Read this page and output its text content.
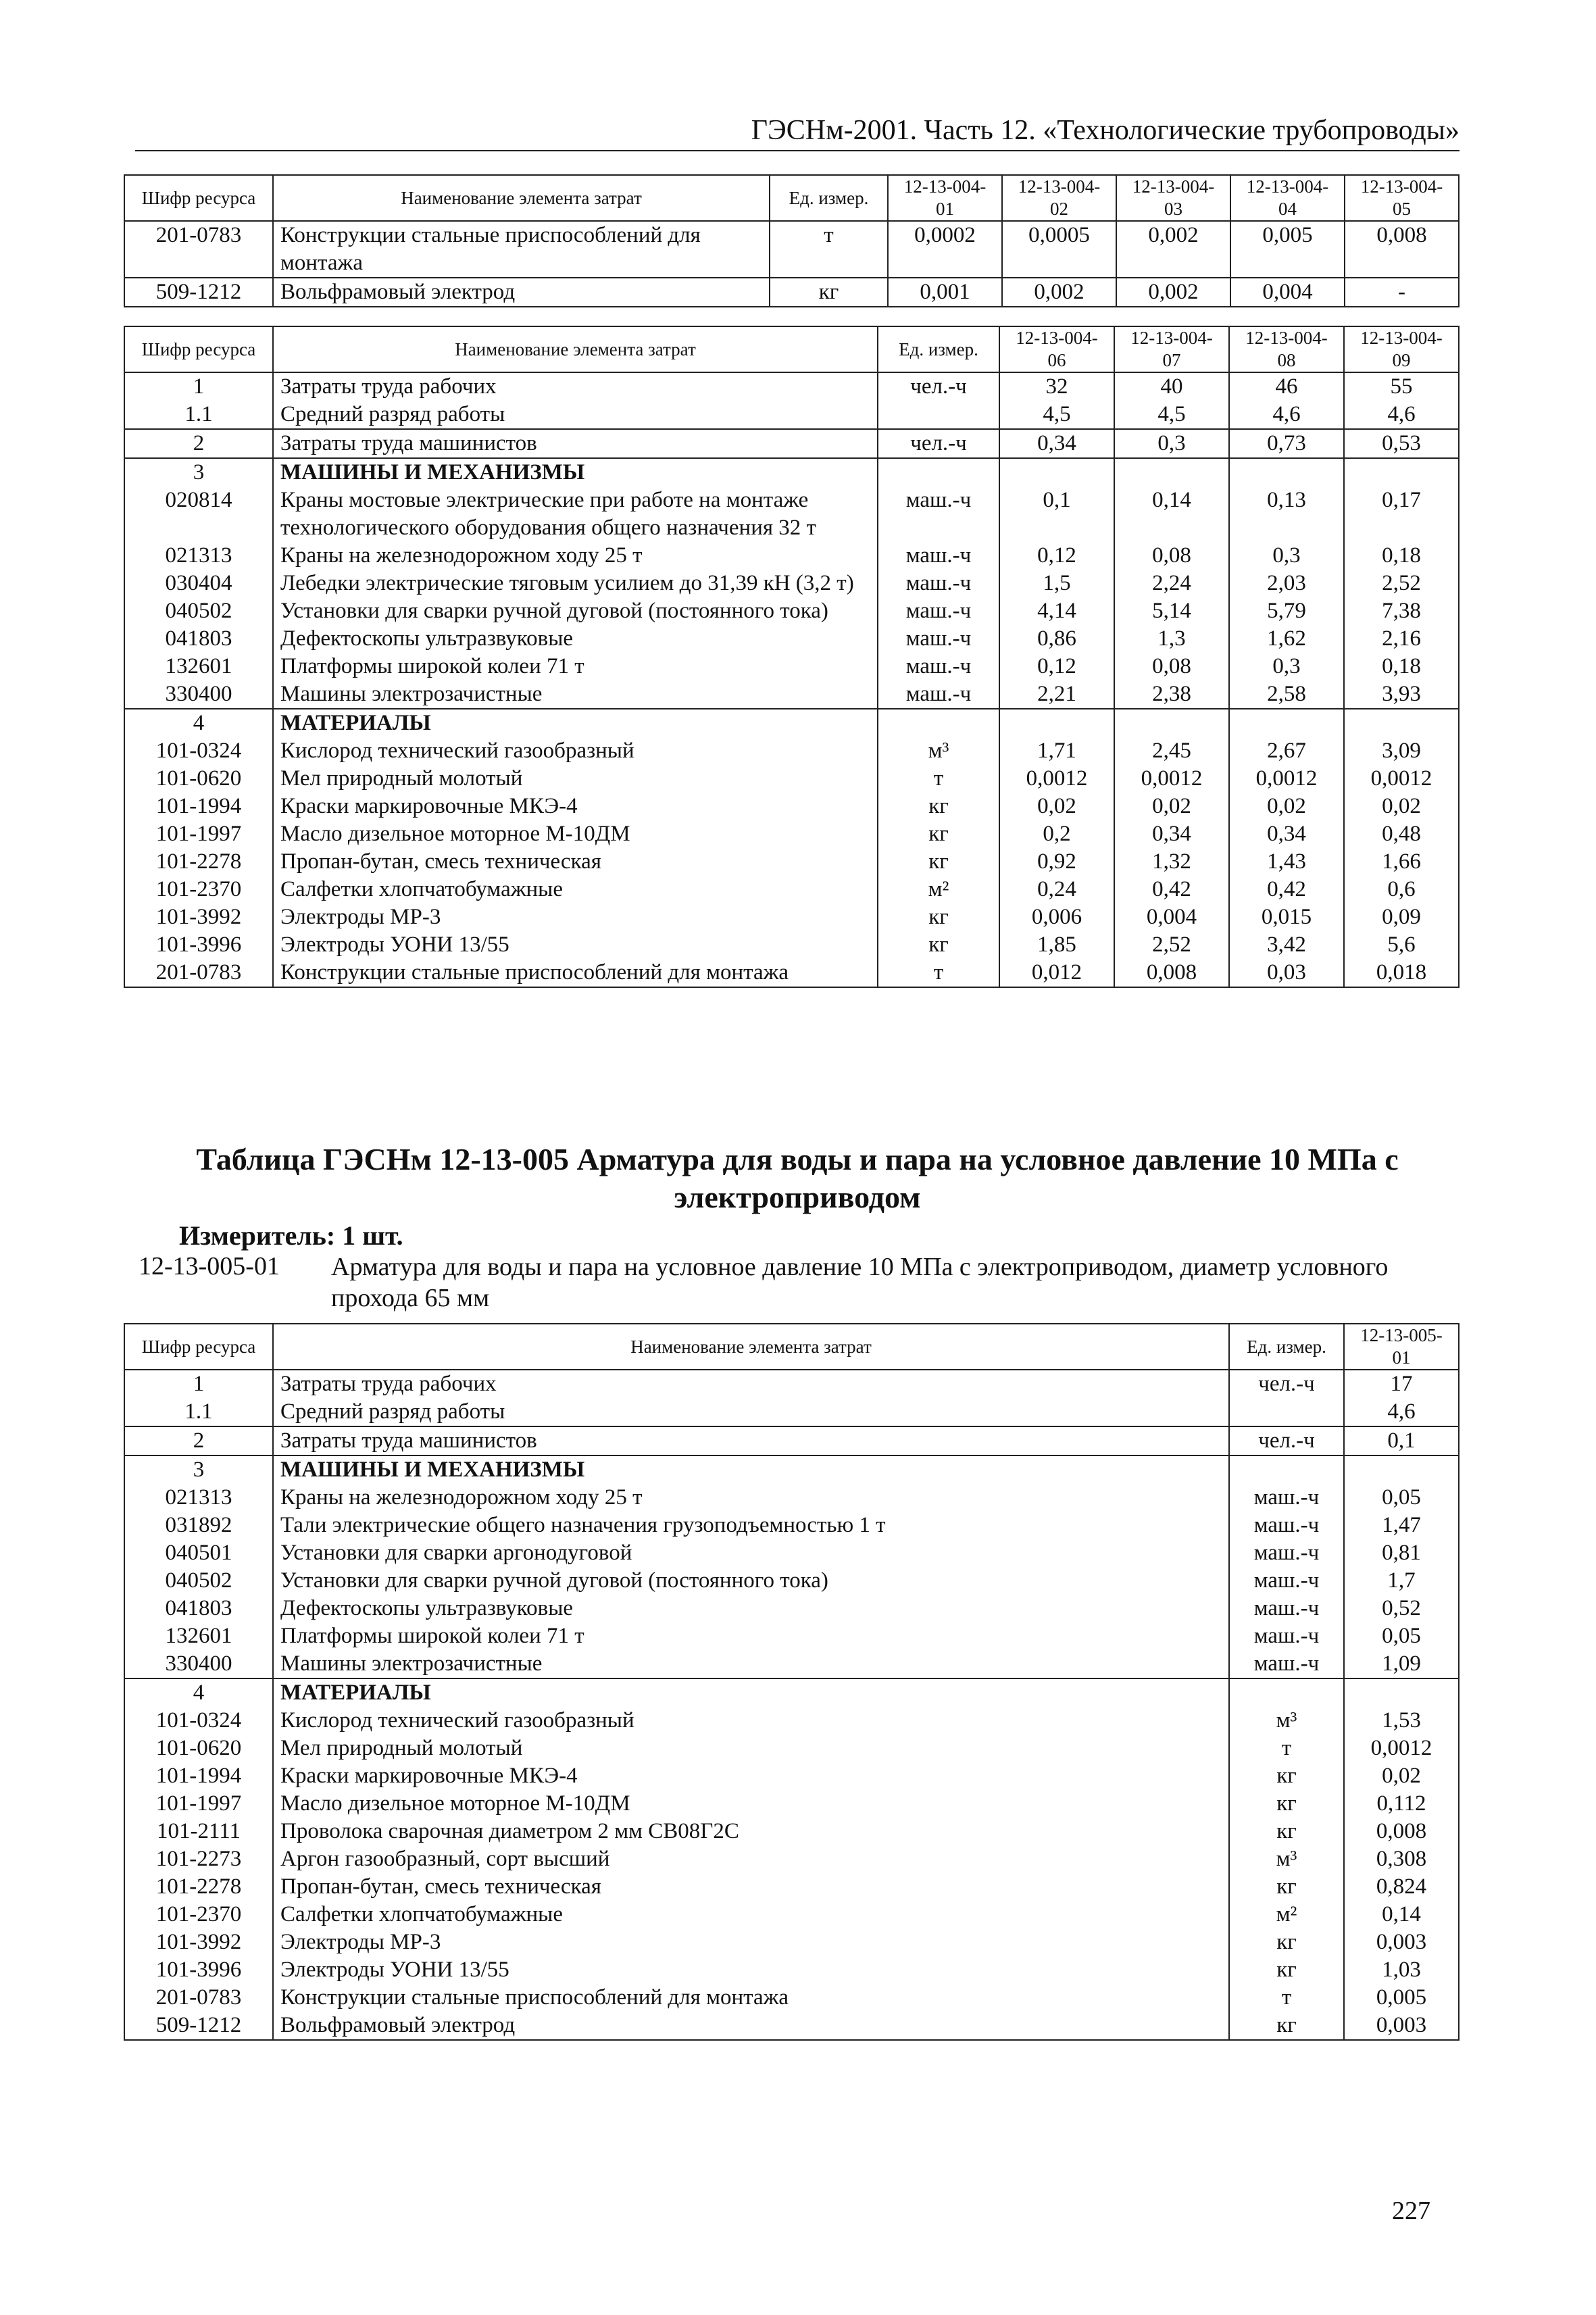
ГЭСНм-2001. Часть 12. «Технологические трубопроводы»
Шифр ресурса	Наименование элемента затрат	Ед. измер.	12-13-004-01	12-13-004-02	12-13-004-03	12-13-004-04	12-13-004-05
201-0783	Конструкции стальные приспособлений для монтажа	т	0,0002	0,0005	0,002	0,005	0,008
509-1212	Вольфрамовый электрод	кг	0,001	0,002	0,002	0,004	-
Шифр ресурса	Наименование элемента затрат	Ед. измер.	12-13-004-06	12-13-004-07	12-13-004-08	12-13-004-09
1	Затраты труда рабочих	чел.-ч	32	40	46	55
1.1	Средний разряд работы		4,5	4,5	4,6	4,6
2	Затраты труда машинистов	чел.-ч	0,34	0,3	0,73	0,53
3	МАШИНЫ И МЕХАНИЗМЫ					
020814	Краны мостовые электрические при работе на монтаже технологического оборудования общего назначения 32 т	маш.-ч	0,1	0,14	0,13	0,17
021313	Краны на железнодорожном ходу 25 т	маш.-ч	0,12	0,08	0,3	0,18
030404	Лебедки электрические тяговым усилием до 31,39 кН (3,2 т)	маш.-ч	1,5	2,24	2,03	2,52
040502	Установки для сварки ручной дуговой (постоянного тока)	маш.-ч	4,14	5,14	5,79	7,38
041803	Дефектоскопы ультразвуковые	маш.-ч	0,86	1,3	1,62	2,16
132601	Платформы широкой колеи 71 т	маш.-ч	0,12	0,08	0,3	0,18
330400	Машины электрозачистные	маш.-ч	2,21	2,38	2,58	3,93
4	МАТЕРИАЛЫ					
101-0324	Кислород технический газообразный	м³	1,71	2,45	2,67	3,09
101-0620	Мел природный молотый	т	0,0012	0,0012	0,0012	0,0012
101-1994	Краски маркировочные МКЭ-4	кг	0,02	0,02	0,02	0,02
101-1997	Масло дизельное моторное М-10ДМ	кг	0,2	0,34	0,34	0,48
101-2278	Пропан-бутан, смесь техническая	кг	0,92	1,32	1,43	1,66
101-2370	Салфетки хлопчатобумажные	м²	0,24	0,42	0,42	0,6
101-3992	Электроды МР-3	кг	0,006	0,004	0,015	0,09
101-3996	Электроды УОНИ 13/55	кг	1,85	2,52	3,42	5,6
201-0783	Конструкции стальные приспособлений для монтажа	т	0,012	0,008	0,03	0,018
Таблица ГЭСНм 12-13-005 Арматура для воды и пара на условное давление 10 МПа с электроприводом
Измеритель: 1 шт.
12-13-005-01 Арматура для воды и пара на условное давление 10 МПа с электроприводом, диаметр условного прохода 65 мм
Шифр ресурса	Наименование элемента затрат	Ед. измер.	12-13-005-01
1	Затраты труда рабочих	чел.-ч	17
1.1	Средний разряд работы		4,6
2	Затраты труда машинистов	чел.-ч	0,1
3	МАШИНЫ И МЕХАНИЗМЫ		
021313	Краны на железнодорожном ходу 25 т	маш.-ч	0,05
031892	Тали электрические общего назначения грузоподъемностью 1 т	маш.-ч	1,47
040501	Установки для сварки аргонодуговой	маш.-ч	0,81
040502	Установки для сварки ручной дуговой (постоянного тока)	маш.-ч	1,7
041803	Дефектоскопы ультразвуковые	маш.-ч	0,52
132601	Платформы широкой колеи 71 т	маш.-ч	0,05
330400	Машины электрозачистные	маш.-ч	1,09
4	МАТЕРИАЛЫ		
101-0324	Кислород технический газообразный	м³	1,53
101-0620	Мел природный молотый	т	0,0012
101-1994	Краски маркировочные МКЭ-4	кг	0,02
101-1997	Масло дизельное моторное М-10ДМ	кг	0,112
101-2111	Проволока сварочная диаметром 2 мм СВ08Г2С	кг	0,008
101-2273	Аргон газообразный, сорт высший	м³	0,308
101-2278	Пропан-бутан, смесь техническая	кг	0,824
101-2370	Салфетки хлопчатобумажные	м²	0,14
101-3992	Электроды МР-3	кг	0,003
101-3996	Электроды УОНИ 13/55	кг	1,03
201-0783	Конструкции стальные приспособлений для монтажа	т	0,005
509-1212	Вольфрамовый электрод	кг	0,003
227
